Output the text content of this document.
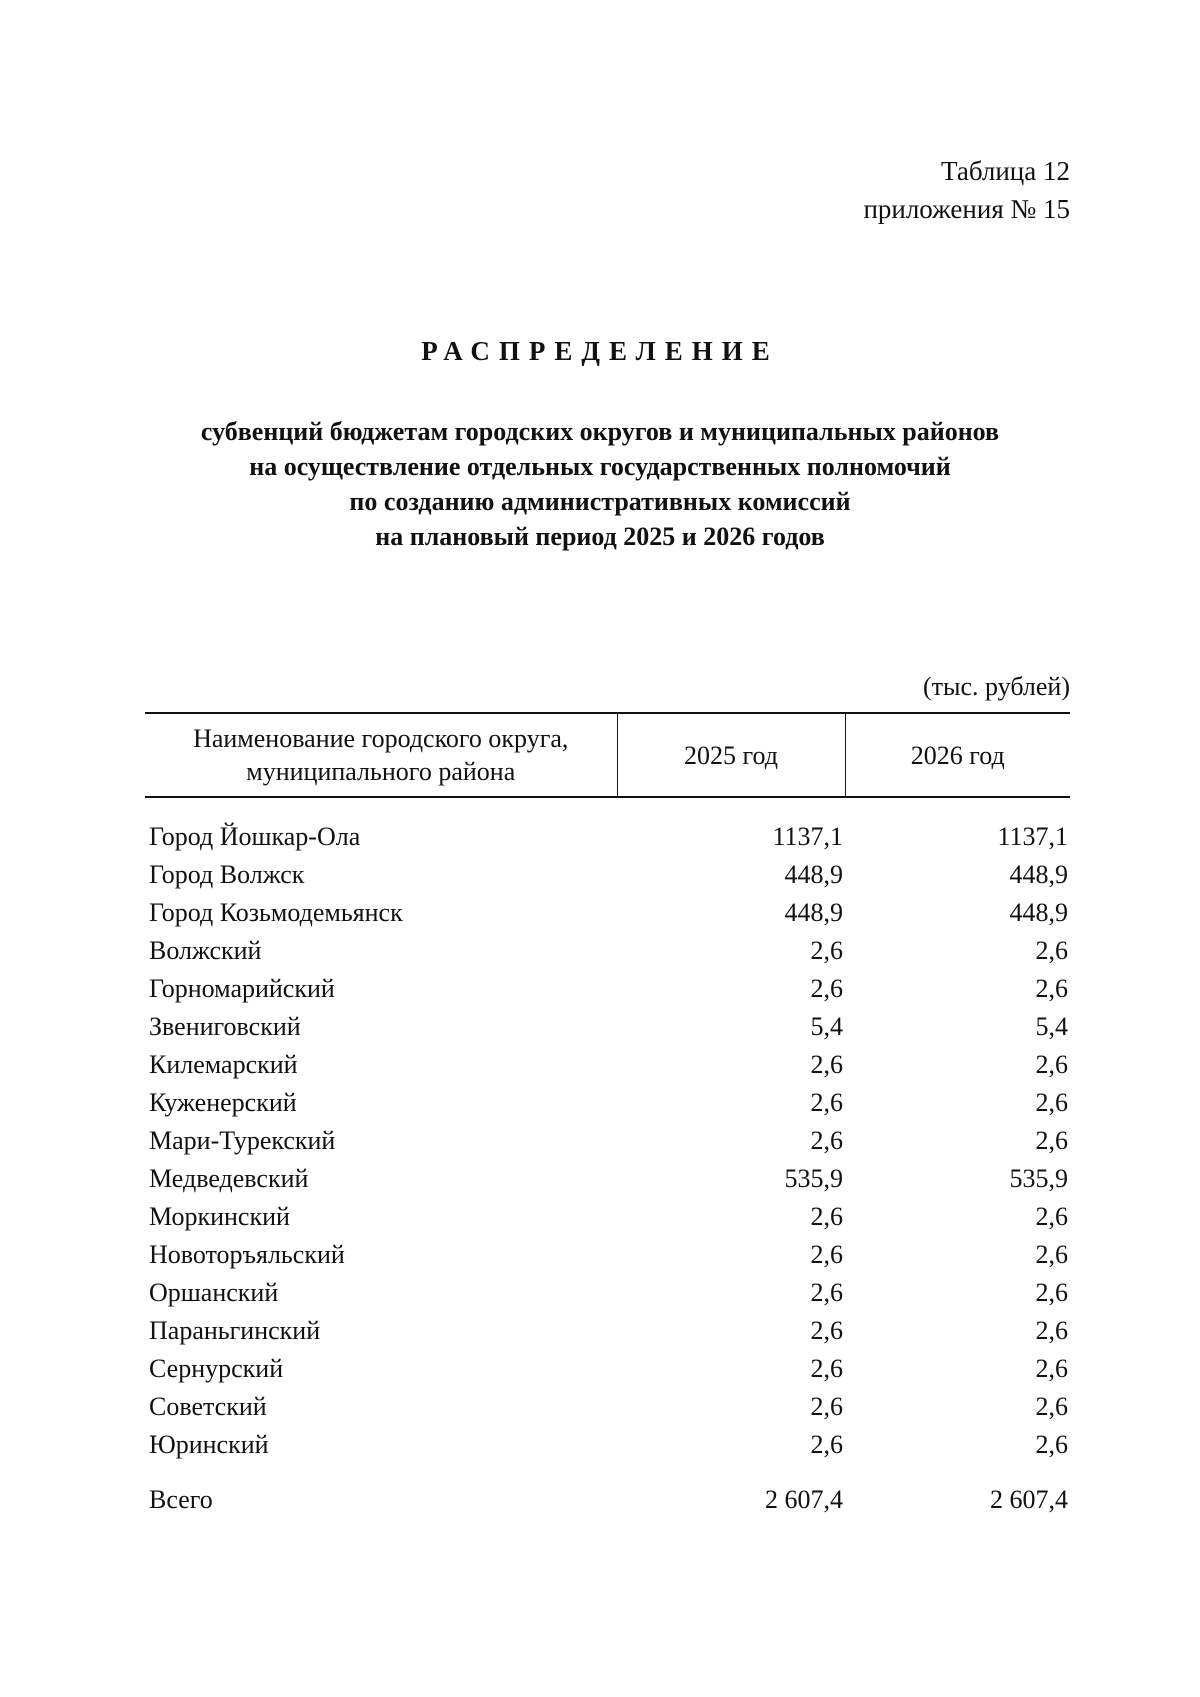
Таблица 12
приложения № 15
РАСПРЕДЕЛЕНИЕ
субвенций бюджетам городских округов и муниципальных районов
на осуществление отдельных государственных полномочий
по созданию административных комиссий
на плановый период 2025 и 2026 годов
(тыс. рублей)
Наименование городского округа,
муниципального района	2025 год	2026 год

Город Йошкар-Ола	1137,1	1137,1
Город Волжск	448,9	448,9
Город Козьмодемьянск	448,9	448,9
Волжский	2,6	2,6
Горномарийский	2,6	2,6
Звениговский	5,4	5,4
Килемарский	2,6	2,6
Куженерский	2,6	2,6
Мари-Турекский	2,6	2,6
Медведевский	535,9	535,9
Моркинский	2,6	2,6
Новоторъяльский	2,6	2,6
Оршанский	2,6	2,6
Параньгинский	2,6	2,6
Сернурский	2,6	2,6
Советский	2,6	2,6
Юринский	2,6	2,6

Всего	2 607,4	2 607,4
